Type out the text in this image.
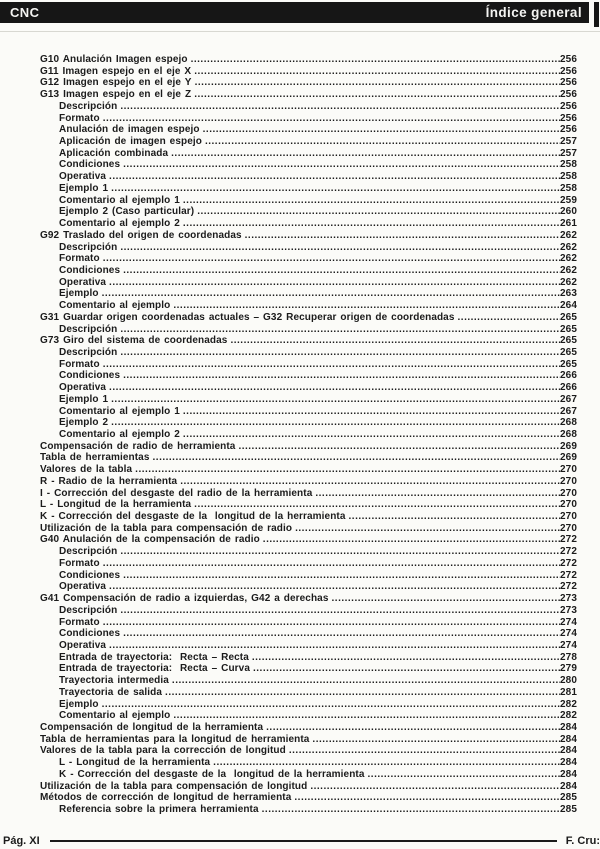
CNC	Índice general
G10 Anulación Imagen espejo .....	256
G11 Imagen espejo en el eje X .....	256
G12 Imagen espejo en el eje Y .....	256
G13 Imagen espejo en el eje Z .....	256
Descripción .....	256
Formato .....	256
Anulación de imagen espejo .....	256
Aplicación de imagen espejo .....	257
Aplicación combinada .....	257
Condiciones .....	258
Operativa .....	258
Ejemplo 1 .....	258
Comentario al ejemplo 1 .....	259
Ejemplo 2 (Caso particular) .....	260
Comentario al ejemplo 2 .....	261
G92 Traslado del origen de coordenadas .....	262
Descripción .....	262
Formato .....	262
Condiciones .....	262
Operativa .....	262
Ejemplo .....	263
Comentario al ejemplo .....	264
G31 Guardar origen coordenadas actuales – G32 Recuperar origen de coordenadas .....	265
Descripción .....	265
G73 Giro del sistema de coordenadas .....	265
Descripción .....	265
Formato .....	265
Condiciones .....	266
Operativa .....	266
Ejemplo 1 .....	267
Comentario al ejemplo 1 .....	267
Ejemplo 2 .....	268
Comentario al ejemplo 2 .....	268
Compensación de radio de herramienta .....	269
Tabla de herramientas .....	269
Valores de la tabla .....	270
R - Radio de la herramienta .....	270
I - Corrección del desgaste del radio de la herramienta .....	270
L - Longitud de la herramienta .....	270
K - Corrección del desgaste de la  longitud de la herramienta .....	270
Utilización de la tabla para compensación de radio .....	270
G40 Anulación de la compensación de radio .....	272
Descripción .....	272
Formato .....	272
Condiciones .....	272
Operativa .....	272
G41 Compensación de radio a izquierdas, G42 a derechas .....	273
Descripción .....	273
Formato .....	274
Condiciones .....	274
Operativa .....	274
Entrada de trayectoria:  Recta – Recta .....	278
Entrada de trayectoria:  Recta – Curva .....	279
Trayectoria intermedia .....	280
Trayectoria de salida .....	281
Ejemplo .....	282
Comentario al ejemplo .....	282
Compensación de longitud de la herramienta .....	284
Tabla de herramientas para la longitud de herramienta .....	284
Valores de la tabla para la corrección de longitud .....	284
L - Longitud de la herramienta .....	284
K - Corrección del desgaste de la  longitud de la herramienta .....	284
Utilización de la tabla para compensación de longitud .....	284
Métodos de corrección de longitud de herramienta .....	285
Referencia sobre la primera herramienta .....	285
Pág. XI	F. Cru:
